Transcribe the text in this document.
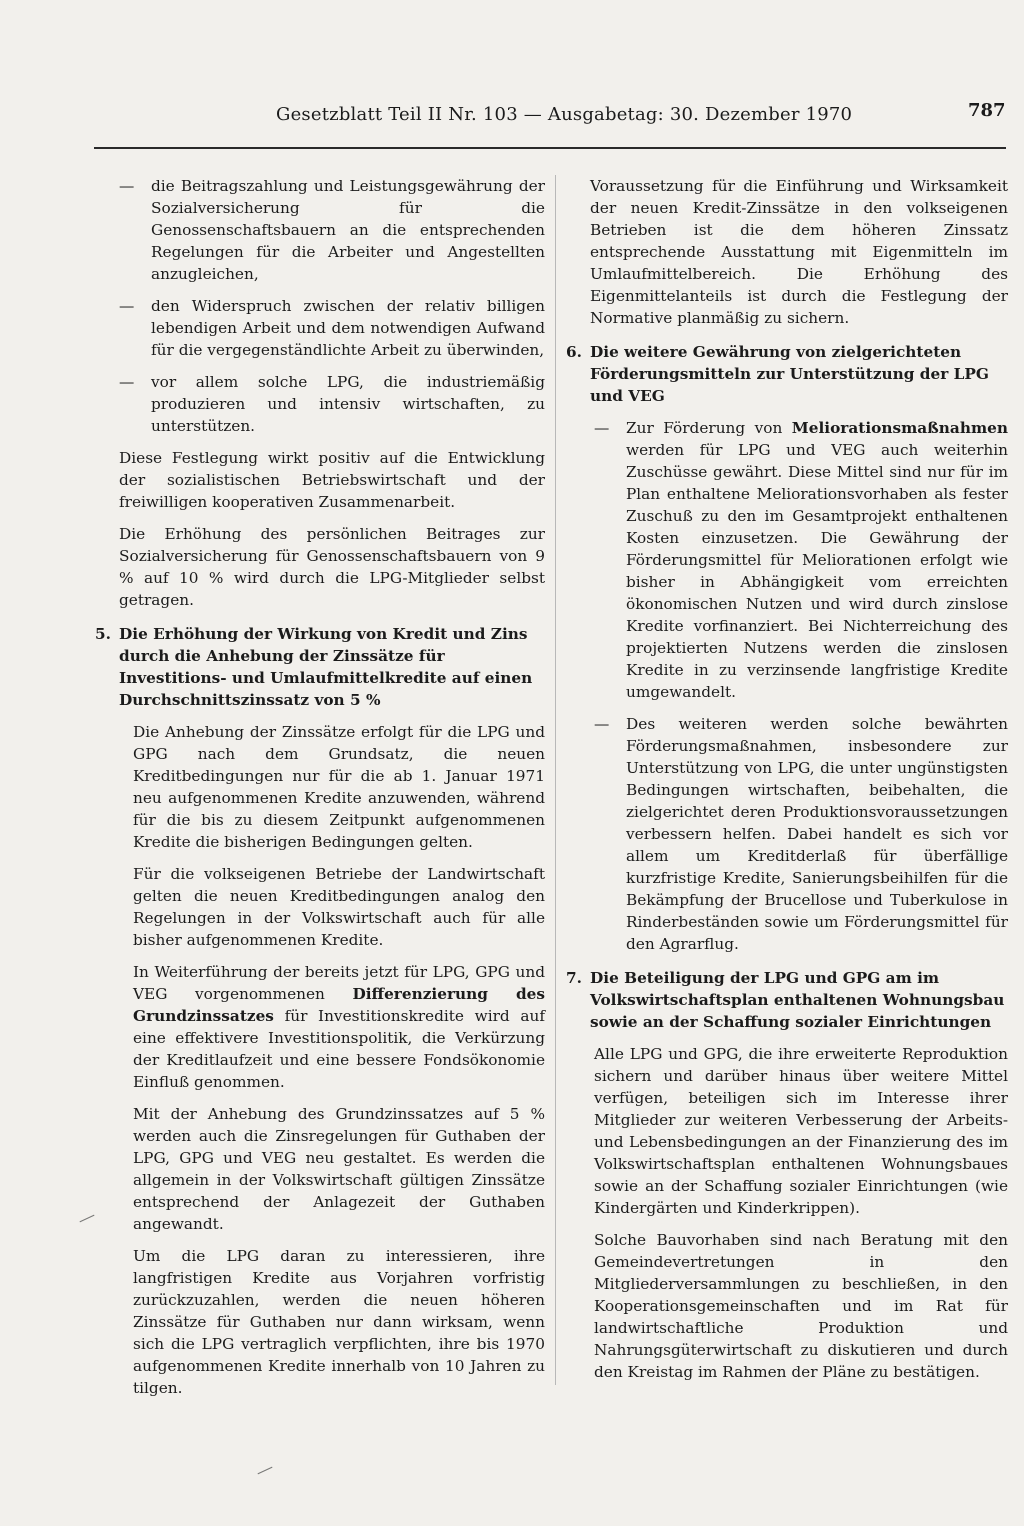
Gesetzblatt Teil II Nr. 103 — Ausgabetag: 30. Dezember 1970	787
— die Beitragszahlung und Leistungsgewährung der Sozialversicherung für die Genossenschaftsbauern an die entsprechenden Regelungen für die Arbeiter und Angestellten anzugleichen,
— den Widerspruch zwischen der relativ billigen lebendigen Arbeit und dem notwendigen Aufwand für die vergegenständlichte Arbeit zu überwinden,
— vor allem solche LPG, die industriemäßig produzieren und intensiv wirtschaften, zu unterstützen.

Diese Festlegung wirkt positiv auf die Entwicklung der sozialistischen Betriebswirtschaft und der freiwilligen kooperativen Zusammenarbeit.

Die Erhöhung des persönlichen Beitrages zur Sozialversicherung für Genossenschaftsbauern von 9 % auf 10 % wird durch die LPG-Mitglieder selbst getragen.

5. Die Erhöhung der Wirkung von Kredit und Zins durch die Anhebung der Zinssätze für Investitions- und Umlaufmittelkredite auf einen Durchschnittszinssatz von 5 %

Die Anhebung der Zinssätze erfolgt für die LPG und GPG nach dem Grundsatz, die neuen Kreditbedingungen nur für die ab 1. Januar 1971 neu aufgenommenen Kredite anzuwenden, während für die bis zu diesem Zeitpunkt aufgenommenen Kredite die bisherigen Bedingungen gelten.

Für die volkseigenen Betriebe der Landwirtschaft gelten die neuen Kreditbedingungen analog den Regelungen in der Volkswirtschaft auch für alle bisher aufgenommenen Kredite.

In Weiterführung der bereits jetzt für LPG, GPG und VEG vorgenommenen Differenzierung des Grundzinssatzes für Investitionskredite wird auf eine effektivere Investitionspolitik, die Verkürzung der Kreditlaufzeit und eine bessere Fondsökonomie Einfluß genommen.

Mit der Anhebung des Grundzinssatzes auf 5 % werden auch die Zinsregelungen für Guthaben der LPG, GPG und VEG neu gestaltet. Es werden die allgemein in der Volkswirtschaft gültigen Zinssätze entsprechend der Anlagezeit der Guthaben angewandt.

Um die LPG daran zu interessieren, ihre langfristigen Kredite aus Vorjahren vorfristig zurückzuzahlen, werden die neuen höheren Zinssätze für Guthaben nur dann wirksam, wenn sich die LPG vertraglich verpflichten, ihre bis 1970 aufgenommenen Kredite innerhalb von 10 Jahren zu tilgen.

Voraussetzung für die Einführung und Wirksamkeit der neuen Kredit-Zinssätze in den volkseigenen Betrieben ist die dem höheren Zinssatz entsprechende Ausstattung mit Eigenmitteln im Umlaufmittelbereich. Die Erhöhung des Eigenmittelanteils ist durch die Festlegung der Normative planmäßig zu sichern.

6. Die weitere Gewährung von zielgerichteten Förderungsmitteln zur Unterstützung der LPG und VEG
— Zur Förderung von Meliorationsmaßnahmen werden für LPG und VEG auch weiterhin Zuschüsse gewährt. Diese Mittel sind nur für im Plan enthaltene Meliorationsvorhaben als fester Zuschuß zu den im Gesamtprojekt enthaltenen Kosten einzusetzen. Die Gewährung der Förderungsmittel für Meliorationen erfolgt wie bisher in Abhängigkeit vom erreichten ökonomischen Nutzen und wird durch zinslose Kredite vorfinanziert. Bei Nichterreichung des projektierten Nutzens werden die zinslosen Kredite in zu verzinsende langfristige Kredite umgewandelt.
— Des weiteren werden solche bewährten Förderungsmaßnahmen, insbesondere zur Unterstützung von LPG, die unter ungünstigsten Bedingungen wirtschaften, beibehalten, die zielgerichtet deren Produktionsvoraussetzungen verbessern helfen. Dabei handelt es sich vor allem um Kreditderlaß für überfällige kurzfristige Kredite, Sanierungsbeihilfen für die Bekämpfung der Brucellose und Tuberkulose in Rinderbeständen sowie um Förderungsmittel für den Agrarflug.
7. Die Beteiligung der LPG und GPG am im Volkswirtschaftsplan enthaltenen Wohnungsbau sowie an der Schaffung sozialer Einrichtungen

Alle LPG und GPG, die ihre erweiterte Reproduktion sichern und darüber hinaus über weitere Mittel verfügen, beteiligen sich im Interesse ihrer Mitglieder zur weiteren Verbesserung der Arbeits- und Lebensbedingungen an der Finanzierung des im Volkswirtschaftsplan enthaltenen Wohnungsbaues sowie an der Schaffung sozialer Einrichtungen (wie Kindergärten und Kinderkrippen).

Solche Bauvorhaben sind nach Beratung mit den Gemeindevertretungen in den Mitgliederversammlungen zu beschließen, in den Kooperationsgemeinschaften und im Rat für landwirtschaftliche Produktion und Nahrungsgüterwirtschaft zu diskutieren und durch den Kreistag im Rahmen der Pläne zu bestätigen.
